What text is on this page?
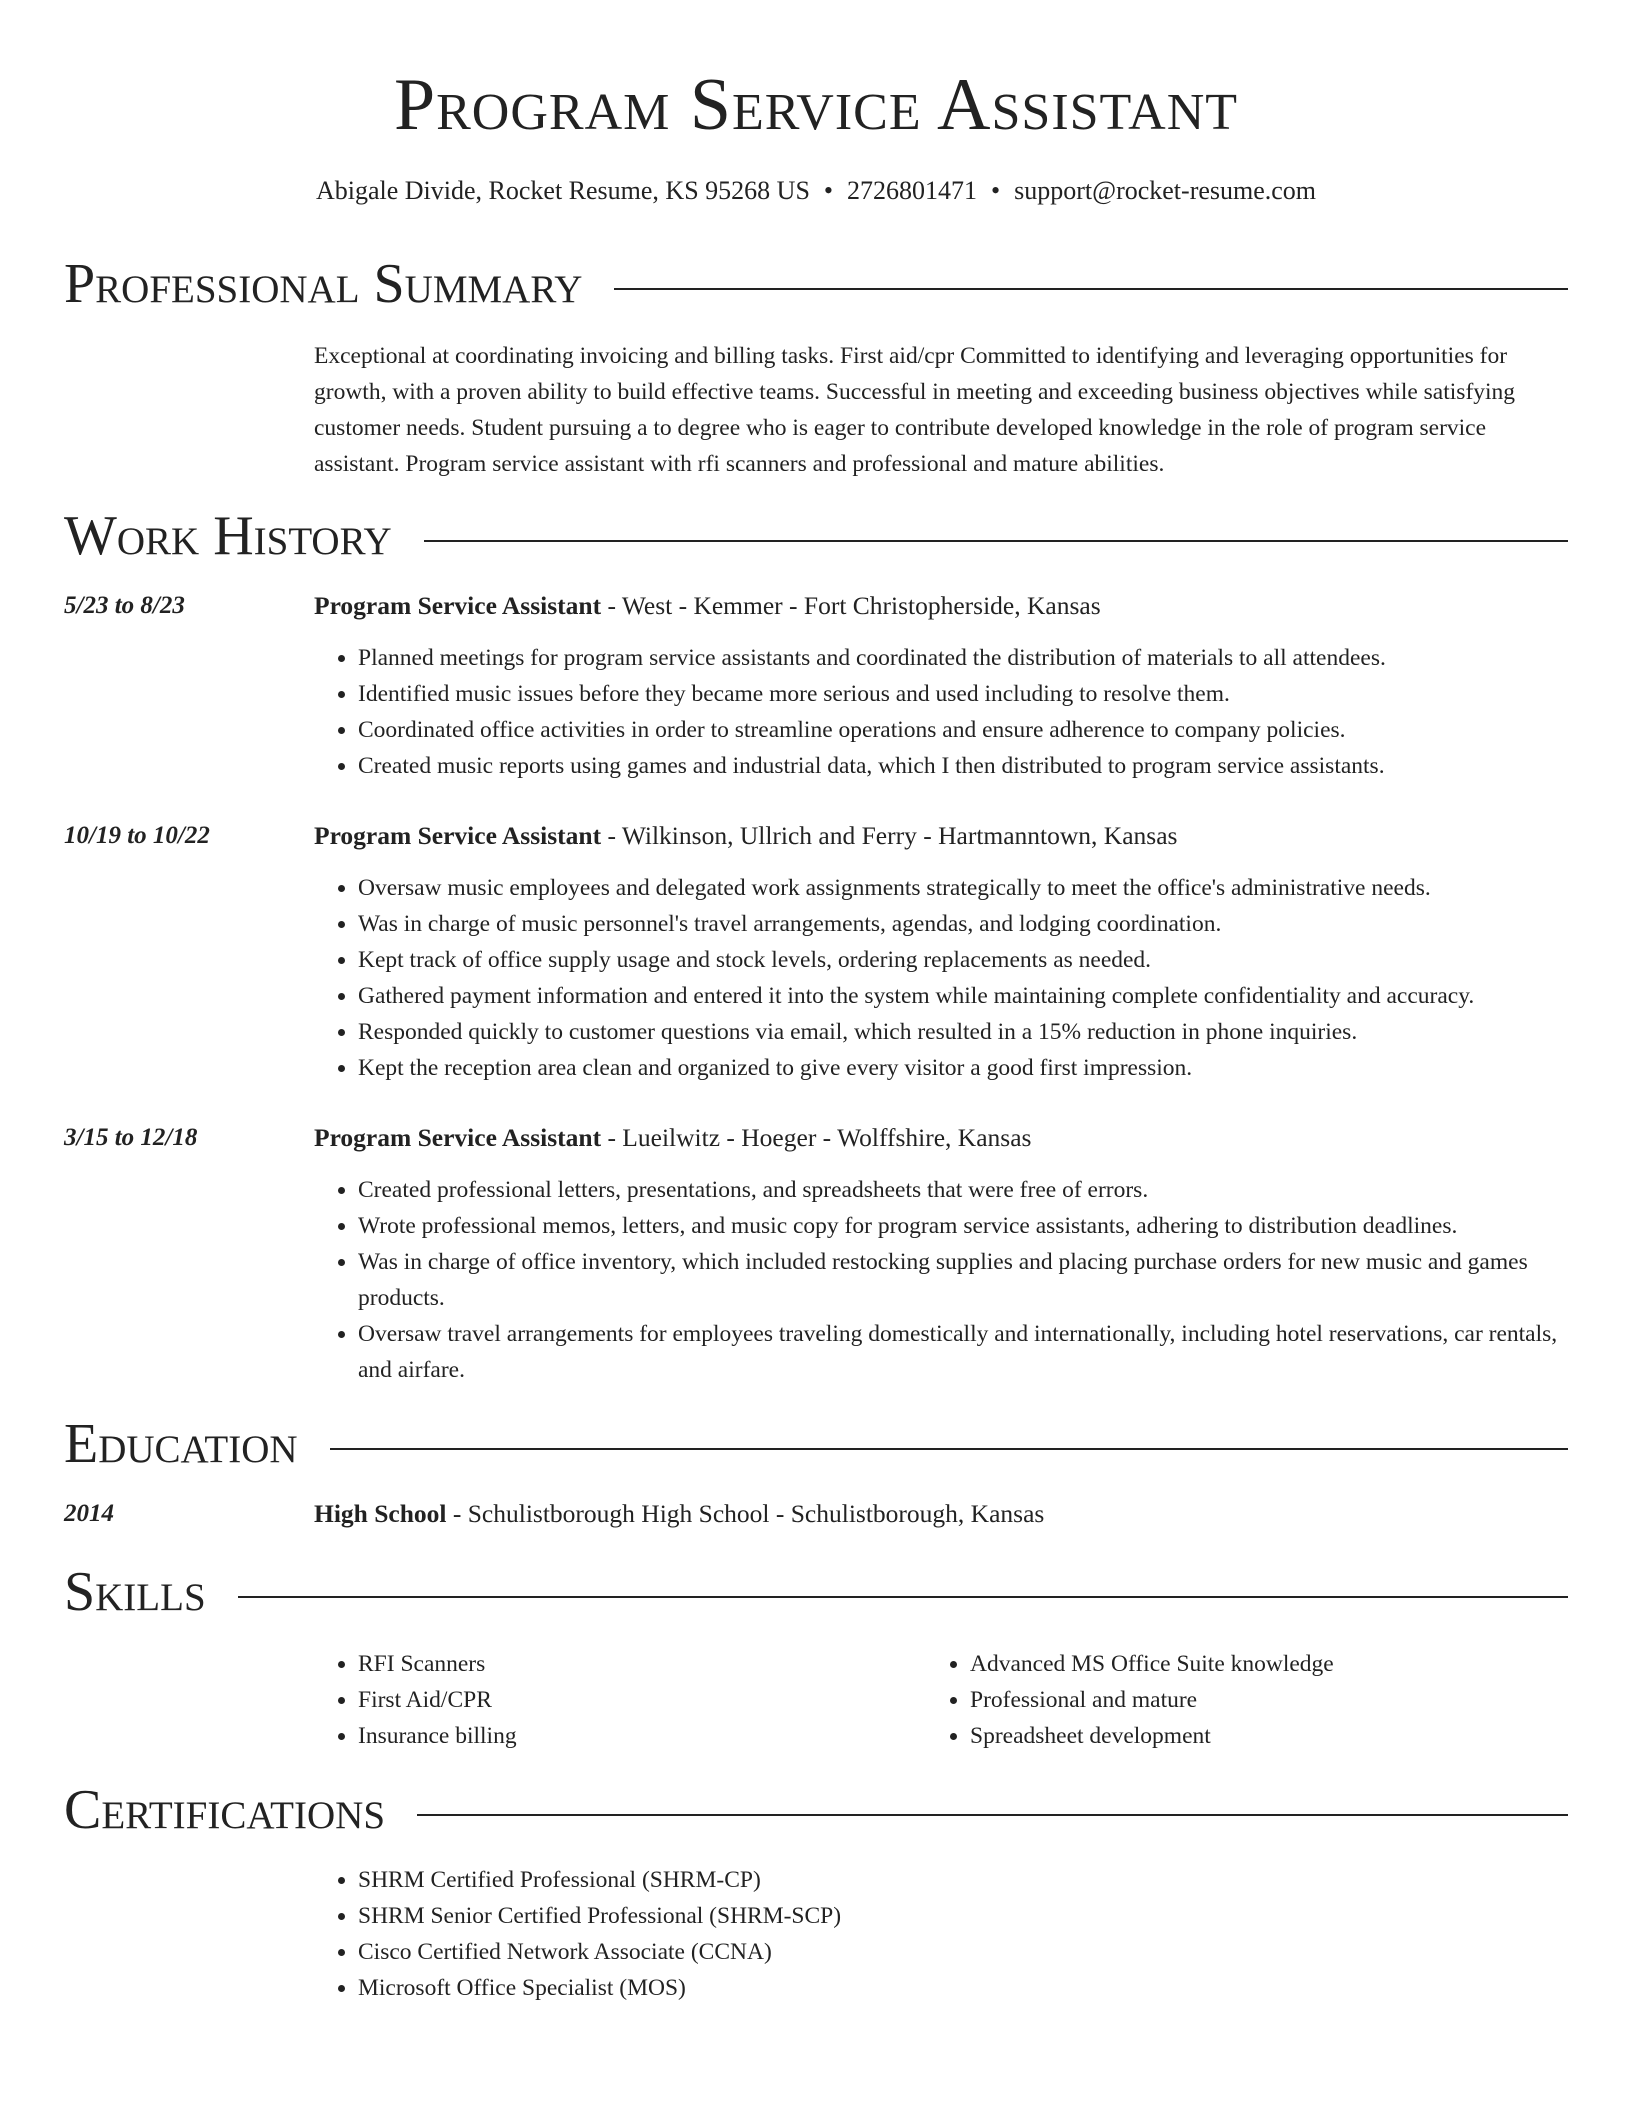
Program Service Assistant
Abigale Divide, Rocket Resume, KS 95268 US • 2726801471 • support@rocket-resume.com
Professional Summary
Exceptional at coordinating invoicing and billing tasks. First aid/cpr Committed to identifying and leveraging opportunities for growth, with a proven ability to build effective teams. Successful in meeting and exceeding business objectives while satisfying customer needs. Student pursuing a to degree who is eager to contribute developed knowledge in the role of program service assistant. Program service assistant with rfi scanners and professional and mature abilities.
Work History
5/23 to 8/23	Program Service Assistant - West - Kemmer - Fort Christopherside, Kansas
• Planned meetings for program service assistants and coordinated the distribution of materials to all attendees.
• Identified music issues before they became more serious and used including to resolve them.
• Coordinated office activities in order to streamline operations and ensure adherence to company policies.
• Created music reports using games and industrial data, which I then distributed to program service assistants.
10/19 to 10/22	Program Service Assistant - Wilkinson, Ullrich and Ferry - Hartmanntown, Kansas
• Oversaw music employees and delegated work assignments strategically to meet the office's administrative needs.
• Was in charge of music personnel's travel arrangements, agendas, and lodging coordination.
• Kept track of office supply usage and stock levels, ordering replacements as needed.
• Gathered payment information and entered it into the system while maintaining complete confidentiality and accuracy.
• Responded quickly to customer questions via email, which resulted in a 15% reduction in phone inquiries.
• Kept the reception area clean and organized to give every visitor a good first impression.
3/15 to 12/18	Program Service Assistant - Lueilwitz - Hoeger - Wolffshire, Kansas
• Created professional letters, presentations, and spreadsheets that were free of errors.
• Wrote professional memos, letters, and music copy for program service assistants, adhering to distribution deadlines.
• Was in charge of office inventory, which included restocking supplies and placing purchase orders for new music and games products.
• Oversaw travel arrangements for employees traveling domestically and internationally, including hotel reservations, car rentals, and airfare.
Education
2014	High School - Schulistborough High School - Schulistborough, Kansas
Skills
• RFI Scanners
• First Aid/CPR
• Insurance billing
• Advanced MS Office Suite knowledge
• Professional and mature
• Spreadsheet development
Certifications
• SHRM Certified Professional (SHRM-CP)
• SHRM Senior Certified Professional (SHRM-SCP)
• Cisco Certified Network Associate (CCNA)
• Microsoft Office Specialist (MOS)
